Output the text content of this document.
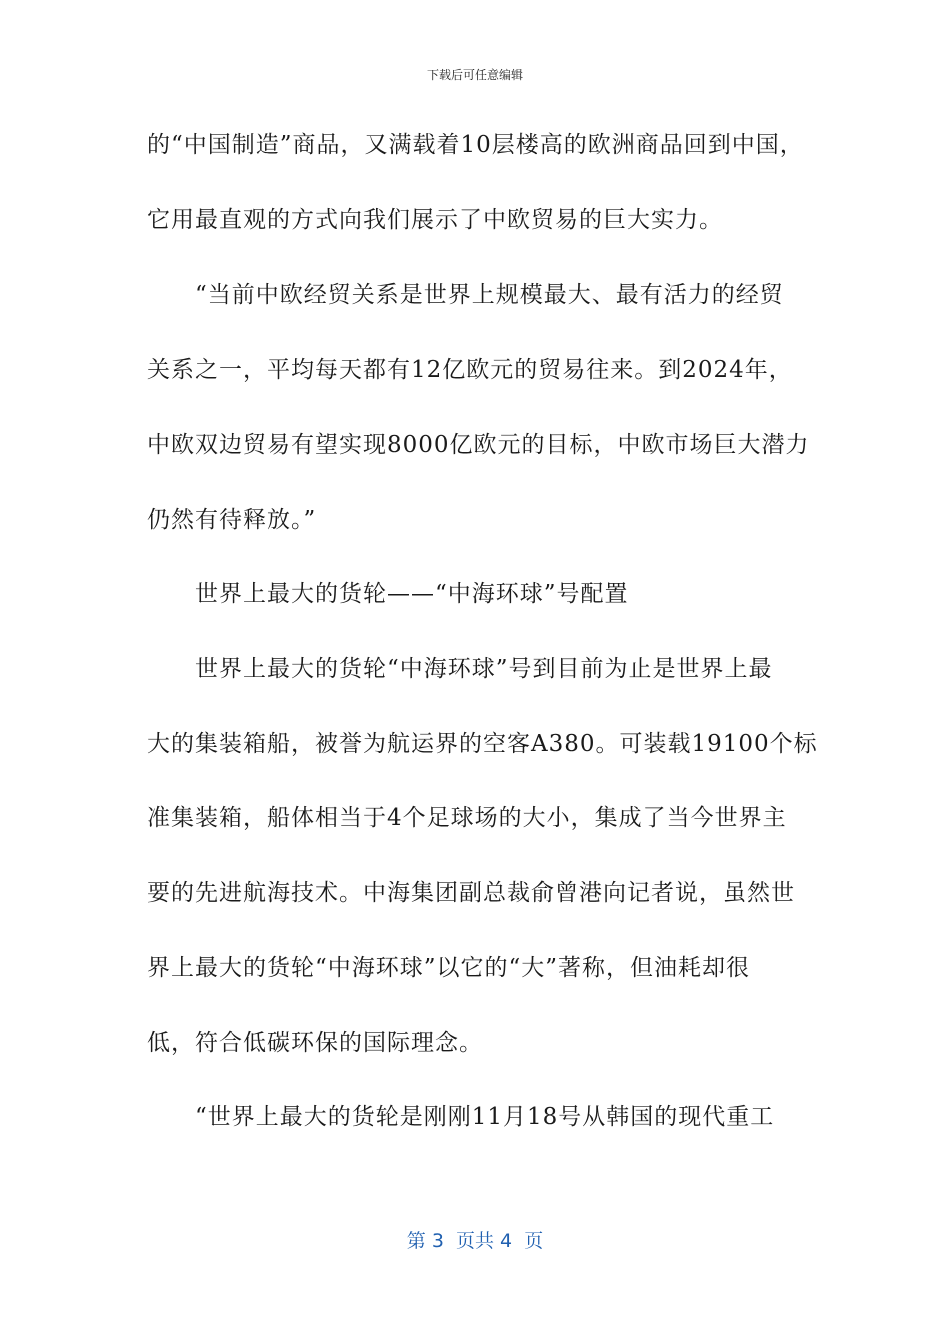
下载后可任意编辑
的“中国制造”商品，又满载着10层楼高的欧洲商品回到中国，
它用最直观的方式向我们展示了中欧贸易的巨大实力。
“当前中欧经贸关系是世界上规模最大、最有活力的经贸
关系之一，平均每天都有12亿欧元的贸易往来。到2024年，
中欧双边贸易有望实现8000亿欧元的目标，中欧市场巨大潜力
仍然有待释放。”
世界上最大的货轮——“中海环球”号配置
世界上最大的货轮“中海环球”号到目前为止是世界上最
大的集装箱船，被誉为航运界的空客A380。可装载19100个标
准集装箱，船体相当于4个足球场的大小，集成了当今世界主
要的先进航海技术。中海集团副总裁俞曾港向记者说，虽然世
界上最大的货轮“中海环球”以它的“大”著称，但油耗却很
低，符合低碳环保的国际理念。
“世界上最大的货轮是刚刚11月18号从韩国的现代重工
第 3  页共 4  页
